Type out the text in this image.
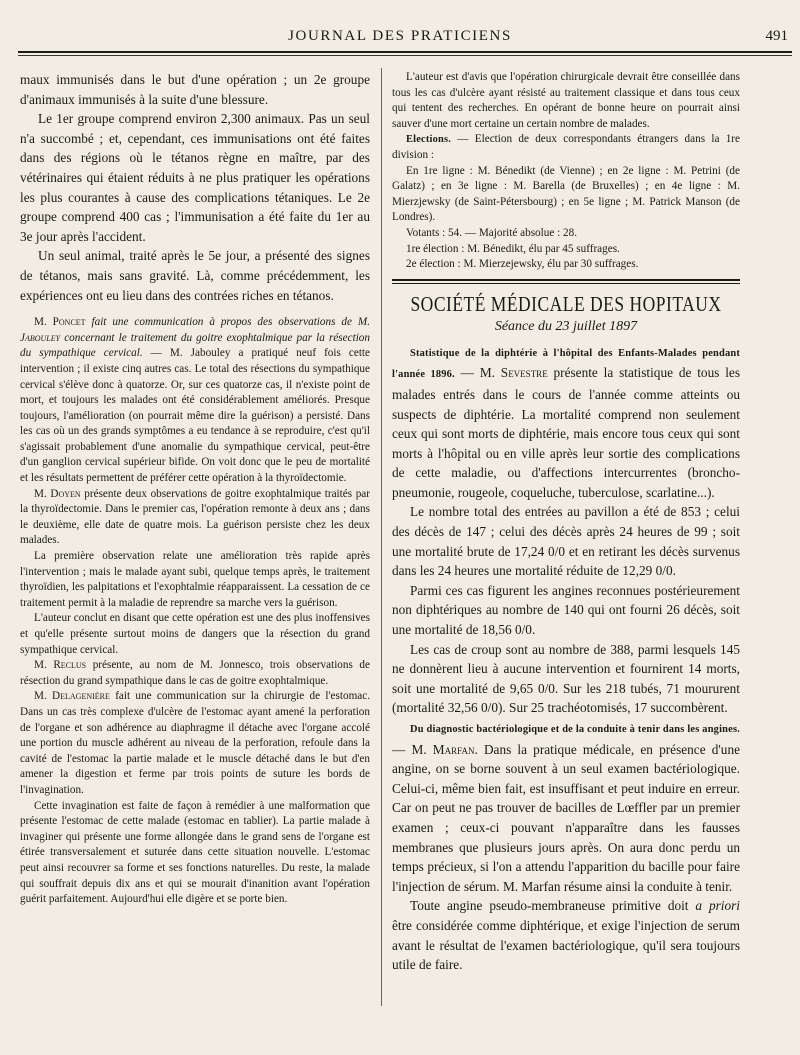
JOURNAL DES PRATICIENS	491

maux immunisés dans le but d'une opération ; un 2e groupe d'animaux immunisés à la suite d'une blessure.

Le 1er groupe comprend environ 2,300 animaux. Pas un seul n'a succombé ; et, cependant, ces immunisations ont été faites dans des régions où le tétanos règne en maître, par des vétérinaires qui étaient réduits à ne plus pratiquer les opérations les plus courantes à cause des complications tétaniques. Le 2e groupe comprend 400 cas ; l'immunisation a été faite du 1er au 3e jour après l'accident.

Un seul animal, traité après le 5e jour, a présenté des signes de tétanos, mais sans gravité. Là, comme précédemment, les expériences ont eu lieu dans des contrées riches en tétanos.

M. Poncet fait une communication à propos des observations de M. Jabouley concernant le traitement du goitre exophtalmique par la résection du sympathique cervical. — M. Jabouley a pratiqué neuf fois cette intervention ; il existe cinq autres cas. Le total des résections du sympathique cervical s'élève donc à quatorze. Or, sur ces quatorze cas, il n'existe point de mort, et toujours les malades ont été considérablement améliorés. Presque toujours, l'amélioration (on pourrait même dire la guérison) a persisté. Dans les cas où un des grands symptômes a eu tendance à se reproduire, c'est qu'il s'agissait probablement d'une anomalie du sympathique cervical, peut-être d'un ganglion cervical supérieur bifide. On voit donc que le peu de mortalité et les résultats permettent de préférer cette opération à la thyroïdectomie.

M. Doyen présente deux observations de goitre exophtalmique traités par la thyroïdectomie. Dans le premier cas, l'opération remonte à deux ans ; dans le deuxième, elle date de quatre mois. La guérison persiste chez les deux malades.

La première observation relate une amélioration très rapide après l'intervention ; mais le malade ayant subi, quelque temps après, le traitement thyroïdien, les palpitations et l'exophtalmie réapparaissent. La cessation de ce traitement permit à la maladie de reprendre sa marche vers la guérison.

L'auteur conclut en disant que cette opération est une des plus inoffensives et qu'elle présente surtout moins de dangers que la résection du grand sympathique cervical.

M. Reclus présente, au nom de M. Jonnesco, trois observations de résection du grand sympathique dans le cas de goitre exophtalmique.

M. Delagenière fait une communication sur la chirurgie de l'estomac. Dans un cas très complexe d'ulcère de l'estomac ayant amené la perforation de l'organe et son adhérence au diaphragme il détache avec l'organe accolé une portion du muscle adhérent au niveau de la perforation, refoule dans la cavité de l'estomac la partie malade et le muscle détaché dans le but d'en amener la digestion et ferme par trois points de suture les bords de l'invagination.

Cette invagination est faite de façon à remédier à une malformation que présente l'estomac de cette malade (estomac en tablier). La partie malade à invaginer qui présente une forme allongée dans le grand sens de l'organe est étirée transversalement et suturée dans cette situation nouvelle. L'estomac peut ainsi recouvrer sa forme et ses fonctions naturelles. Du reste, la malade qui souffrait depuis dix ans et qui se mourait d'inanition avant l'opération guérit parfaitement. Aujourd'hui elle digère et se porte bien.

L'auteur est d'avis que l'opération chirurgicale devrait être conseillée dans tous les cas d'ulcère ayant résisté au traitement classique et dans tous ceux qui tentent des recherches. En opérant de bonne heure on pourrait ainsi sauver d'une mort certaine un certain nombre de malades.

Elections. — Election de deux correspondants étrangers dans la 1re division :

En 1re ligne : M. Bénedikt (de Vienne) ; en 2e ligne : M. Petrini (de Galatz) ; en 3e ligne : M. Barella (de Bruxelles) ; en 4e ligne : M. Mierzjewsky (de Saint-Pétersbourg) ; en 5e ligne ; M. Patrick Manson (de Londres).

Votants : 54. — Majorité absolue : 28.

1re élection : M. Bénedikt, élu par 45 suffrages.

2e élection : M. Mierzejewsky, élu par 30 suffrages.

SOCIÉTÉ MÉDICALE DES HOPITAUX

Séance du 23 juillet 1897

Statistique de la diphtérie à l'hôpital des Enfants-Malades pendant l'année 1896. — M. Sevestre présente la statistique de tous les malades entrés dans le cours de l'année comme atteints ou suspects de diphtérie. La mortalité comprend non seulement ceux qui sont morts de diphtérie, mais encore tous ceux qui sont morts à l'hôpital ou en ville après leur sortie des complications de cette maladie, ou d'affections intercurrentes (broncho-pneumonie, rougeole, coqueluche, tuberculose, scarlatine...).

Le nombre total des entrées au pavillon a été de 853 ; celui des décès de 147 ; celui des décès après 24 heures de 99 ; soit une mortalité brute de 17,24 0/0 et en retirant les décès survenus dans les 24 heures une mortalité réduite de 12,29 0/0.

Parmi ces cas figurent les angines reconnues postérieurement non diphtériques au nombre de 140 qui ont fourni 26 décès, soit une mortalité de 18,56 0/0.

Les cas de croup sont au nombre de 388, parmi lesquels 145 ne donnèrent lieu à aucune intervention et fournirent 14 morts, soit une mortalité de 9,65 0/0. Sur les 218 tubés, 71 moururent (mortalité 32,56 0/0). Sur 25 trachéotomisés, 17 succombèrent.

Du diagnostic bactériologique et de la conduite à tenir dans les angines. — M. Marfan. Dans la pratique médicale, en présence d'une angine, on se borne souvent à un seul examen bactériologique. Celui-ci, même bien fait, est insuffisant et peut induire en erreur. Car on peut ne pas trouver de bacilles de Lœffler par un premier examen ; ceux-ci pouvant n'apparaître dans les fausses membranes que plusieurs jours après. On aura donc perdu un temps précieux, si l'on a attendu l'apparition du bacille pour faire l'injection de sérum. M. Marfan résume ainsi la conduite à tenir.

Toute angine pseudo-membraneuse primitive doit a priori être considérée comme diphtérique, et exige l'injection de serum avant le résultat de l'examen bactériologique, qu'il sera toujours utile de faire.
